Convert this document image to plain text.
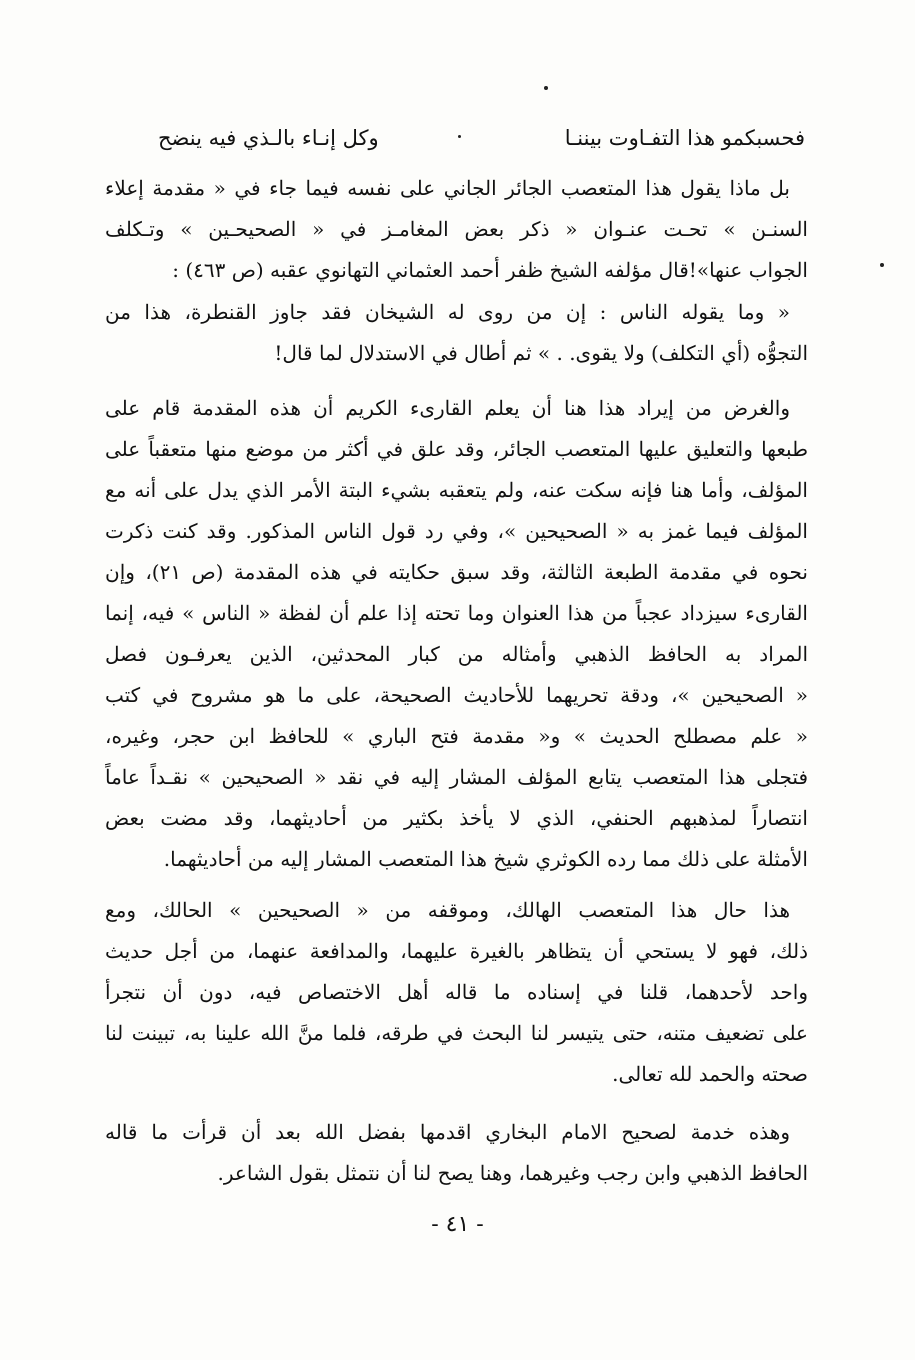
فحسبكمو هذا التفـاوت بيننـا
وكل إنـاء بالـذي فيه ينضح
بل ماذا يقول هذا المتعصب الجائر الجاني على نفسه فيما جاء في « مقدمة إعلاء
السنـن » تحـت عنـوان « ذكر بعض المغامـز في « الصحيحـين » وتـكلف
الجواب عنها»!قال مؤلفه الشيخ ظفر أحمد العثماني التهانوي عقبه (ص ٤٦٣) :
« وما يقوله الناس : إن من روى له الشيخان فقد جاوز القنطرة، هذا من
التجوُّه (أي التكلف) ولا يقوى. . » ثم أطال في الاستدلال لما قال!
والغرض من إيراد هذا هنا أن يعلم القارىء الكريم أن هذه المقدمة قام على
طبعها والتعليق عليها المتعصب الجائر، وقد علق في أكثر من موضع منها متعقباً على
المؤلف، وأما هنا فإنه سكت عنه، ولم يتعقبه بشيء البتة الأمر الذي يدل على أنه مع
المؤلف فيما غمز به « الصحيحين »، وفي رد قول الناس المذكور. وقد كنت ذكرت
نحوه في مقدمة الطبعة الثالثة، وقد سبق حكايته في هذه المقدمة (ص ٢١)، وإن
القارىء سيزداد عجباً من هذا العنوان وما تحته إذا علم أن لفظة « الناس » فيه، إنما
المراد به الحافظ الذهبي وأمثاله من كبار المحدثين، الذين يعرفـون فصل
« الصحيحين »، ودقة تحريهما للأحاديث الصحيحة، على ما هو مشروح في كتب
« علم مصطلح الحديث » و« مقدمة فتح الباري » للحافظ ابن حجر، وغيره،
فتجلى هذا المتعصب يتابع المؤلف المشار إليه في نقد « الصحيحين » نقـداً عاماً
انتصاراً لمذهبهم الحنفي، الذي لا يأخذ بكثير من أحاديثهما، وقد مضت بعض
الأمثلة على ذلك مما رده الكوثري شيخ هذا المتعصب المشار إليه من أحاديثهما.
هذا حال هذا المتعصب الهالك، وموقفه من « الصحيحين » الحالك، ومع
ذلك، فهو لا يستحي أن يتظاهر بالغيرة عليهما، والمدافعة عنهما، من أجل حديث
واحد لأحدهما، قلنا في إسناده ما قاله أهل الاختصاص فيه، دون أن نتجرأ
على تضعيف متنه، حتى يتيسر لنا البحث في طرقه، فلما منَّ الله علينا به، تبينت لنا
صحته والحمد لله تعالى.
وهذه خدمة لصحيح الامام البخاري اقدمها بفضل الله بعد أن قرأت ما قاله
الحافظ الذهبي وابن رجب وغيرهما، وهنا يصح لنا أن نتمثل بقول الشاعر.
- ٤١ -
